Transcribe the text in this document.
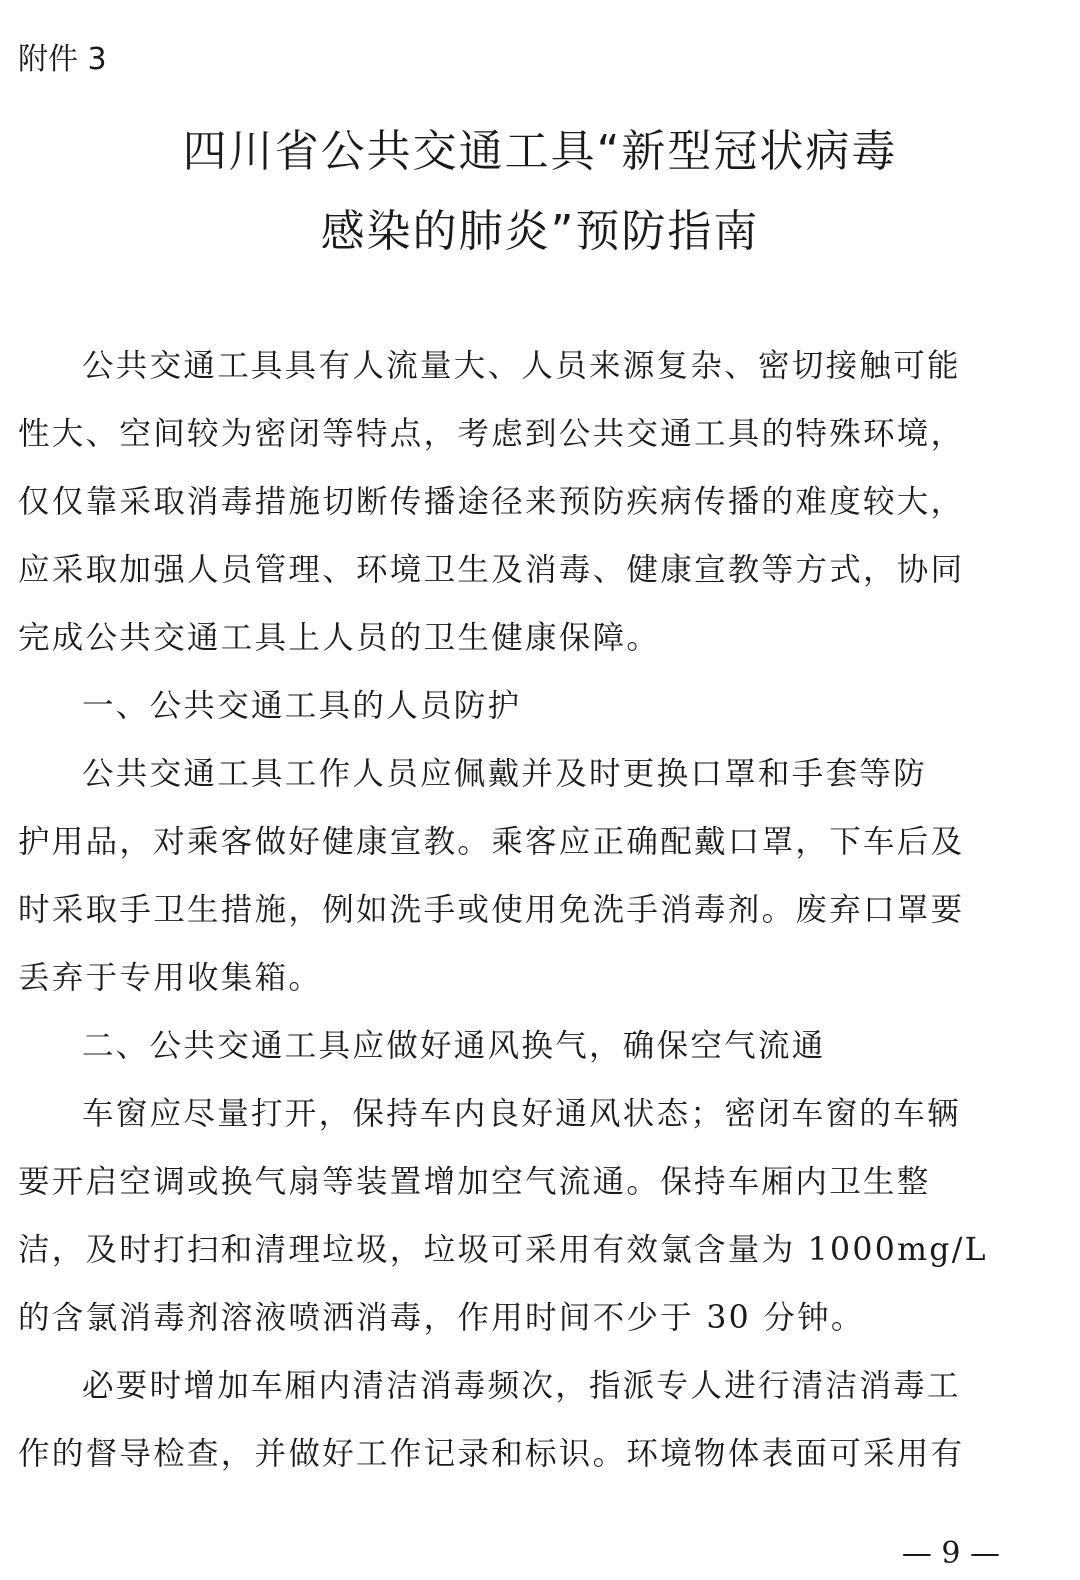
附件 3
四川省公共交通工具“新型冠状病毒
感染的肺炎”预防指南
公共交通工具具有人流量大、人员来源复杂、密切接触可能
性大、空间较为密闭等特点，考虑到公共交通工具的特殊环境，
仅仅靠采取消毒措施切断传播途径来预防疾病传播的难度较大，
应采取加强人员管理、环境卫生及消毒、健康宣教等方式，协同
完成公共交通工具上人员的卫生健康保障。
一、公共交通工具的人员防护
公共交通工具工作人员应佩戴并及时更换口罩和手套等防
护用品，对乘客做好健康宣教。乘客应正确配戴口罩，下车后及
时采取手卫生措施，例如洗手或使用免洗手消毒剂。废弃口罩要
丢弃于专用收集箱。
二、公共交通工具应做好通风换气，确保空气流通
车窗应尽量打开，保持车内良好通风状态；密闭车窗的车辆
要开启空调或换气扇等装置增加空气流通。保持车厢内卫生整
洁，及时打扫和清理垃圾，垃圾可采用有效氯含量为 1000mg/L
的含氯消毒剂溶液喷洒消毒，作用时间不少于 30 分钟。
必要时增加车厢内清洁消毒频次，指派专人进行清洁消毒工
作的督导检查，并做好工作记录和标识。环境物体表面可采用有
— 9 —
